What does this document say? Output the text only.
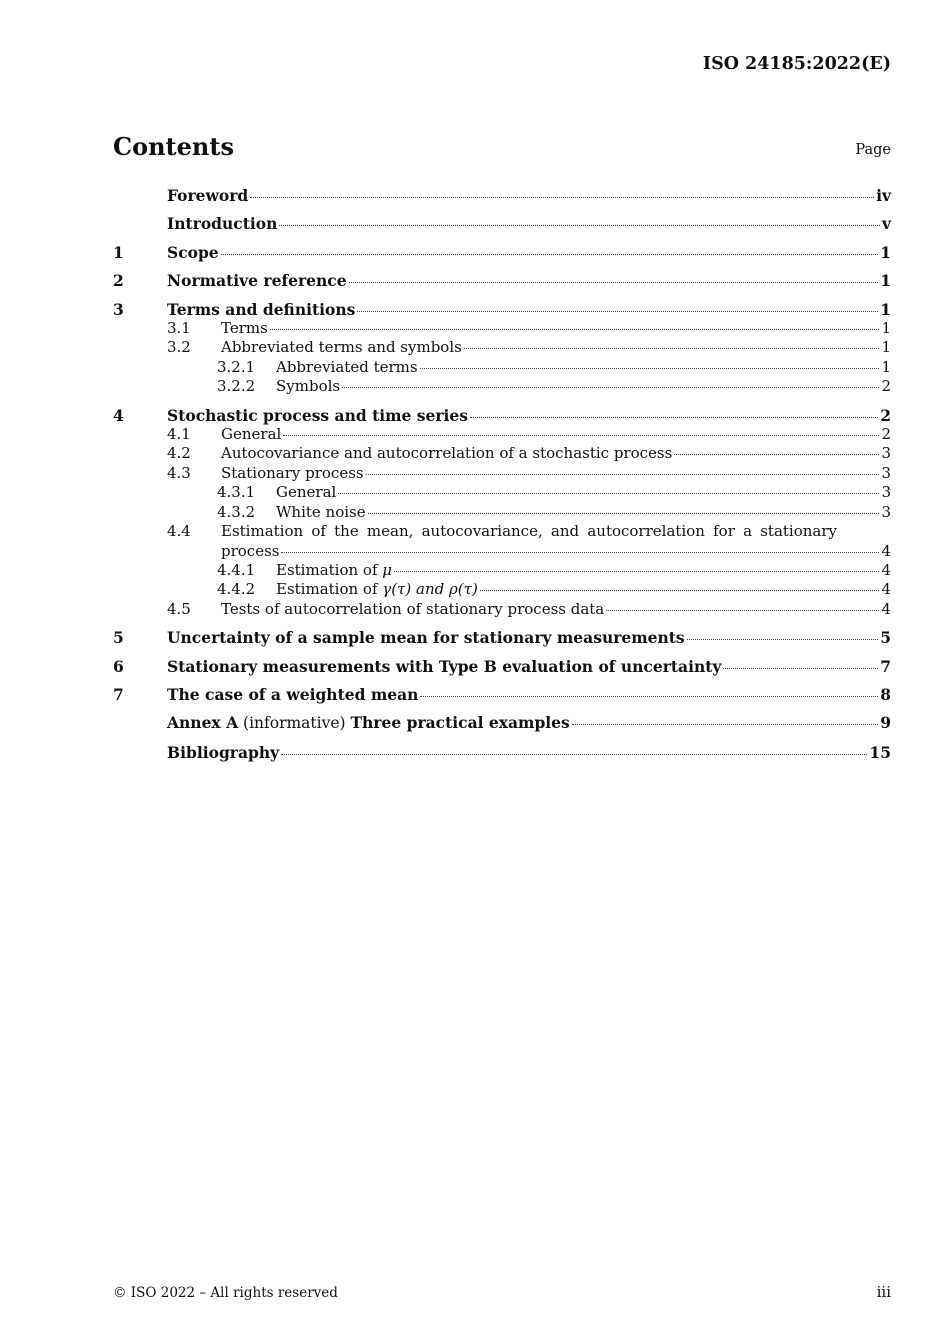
ISO 24185:2022(E)
Contents	Page
Foreword	iv
Introduction	v
1	Scope	1
2	Normative reference	1
3	Terms and definitions	1
3.1	Terms	1
3.2	Abbreviated terms and symbols	1
3.2.1	Abbreviated terms	1
3.2.2	Symbols	2
4	Stochastic process and time series	2
4.1	General	2
4.2	Autocovariance and autocorrelation of a stochastic process	3
4.3	Stationary process	3
4.3.1	General	3
4.3.2	White noise	3
4.4	Estimation of the mean, autocovariance, and autocorrelation for a stationary
process	4
4.4.1	Estimation of μ	4
4.4.2	Estimation of γ(τ) and ρ(τ)	4
4.5	Tests of autocorrelation of stationary process data	4
5	Uncertainty of a sample mean for stationary measurements	5
6	Stationary measurements with Type B evaluation of uncertainty	7
7	The case of a weighted mean	8
Annex A (informative) Three practical examples	9
Bibliography	15
© ISO 2022 – All rights reserved	iii
